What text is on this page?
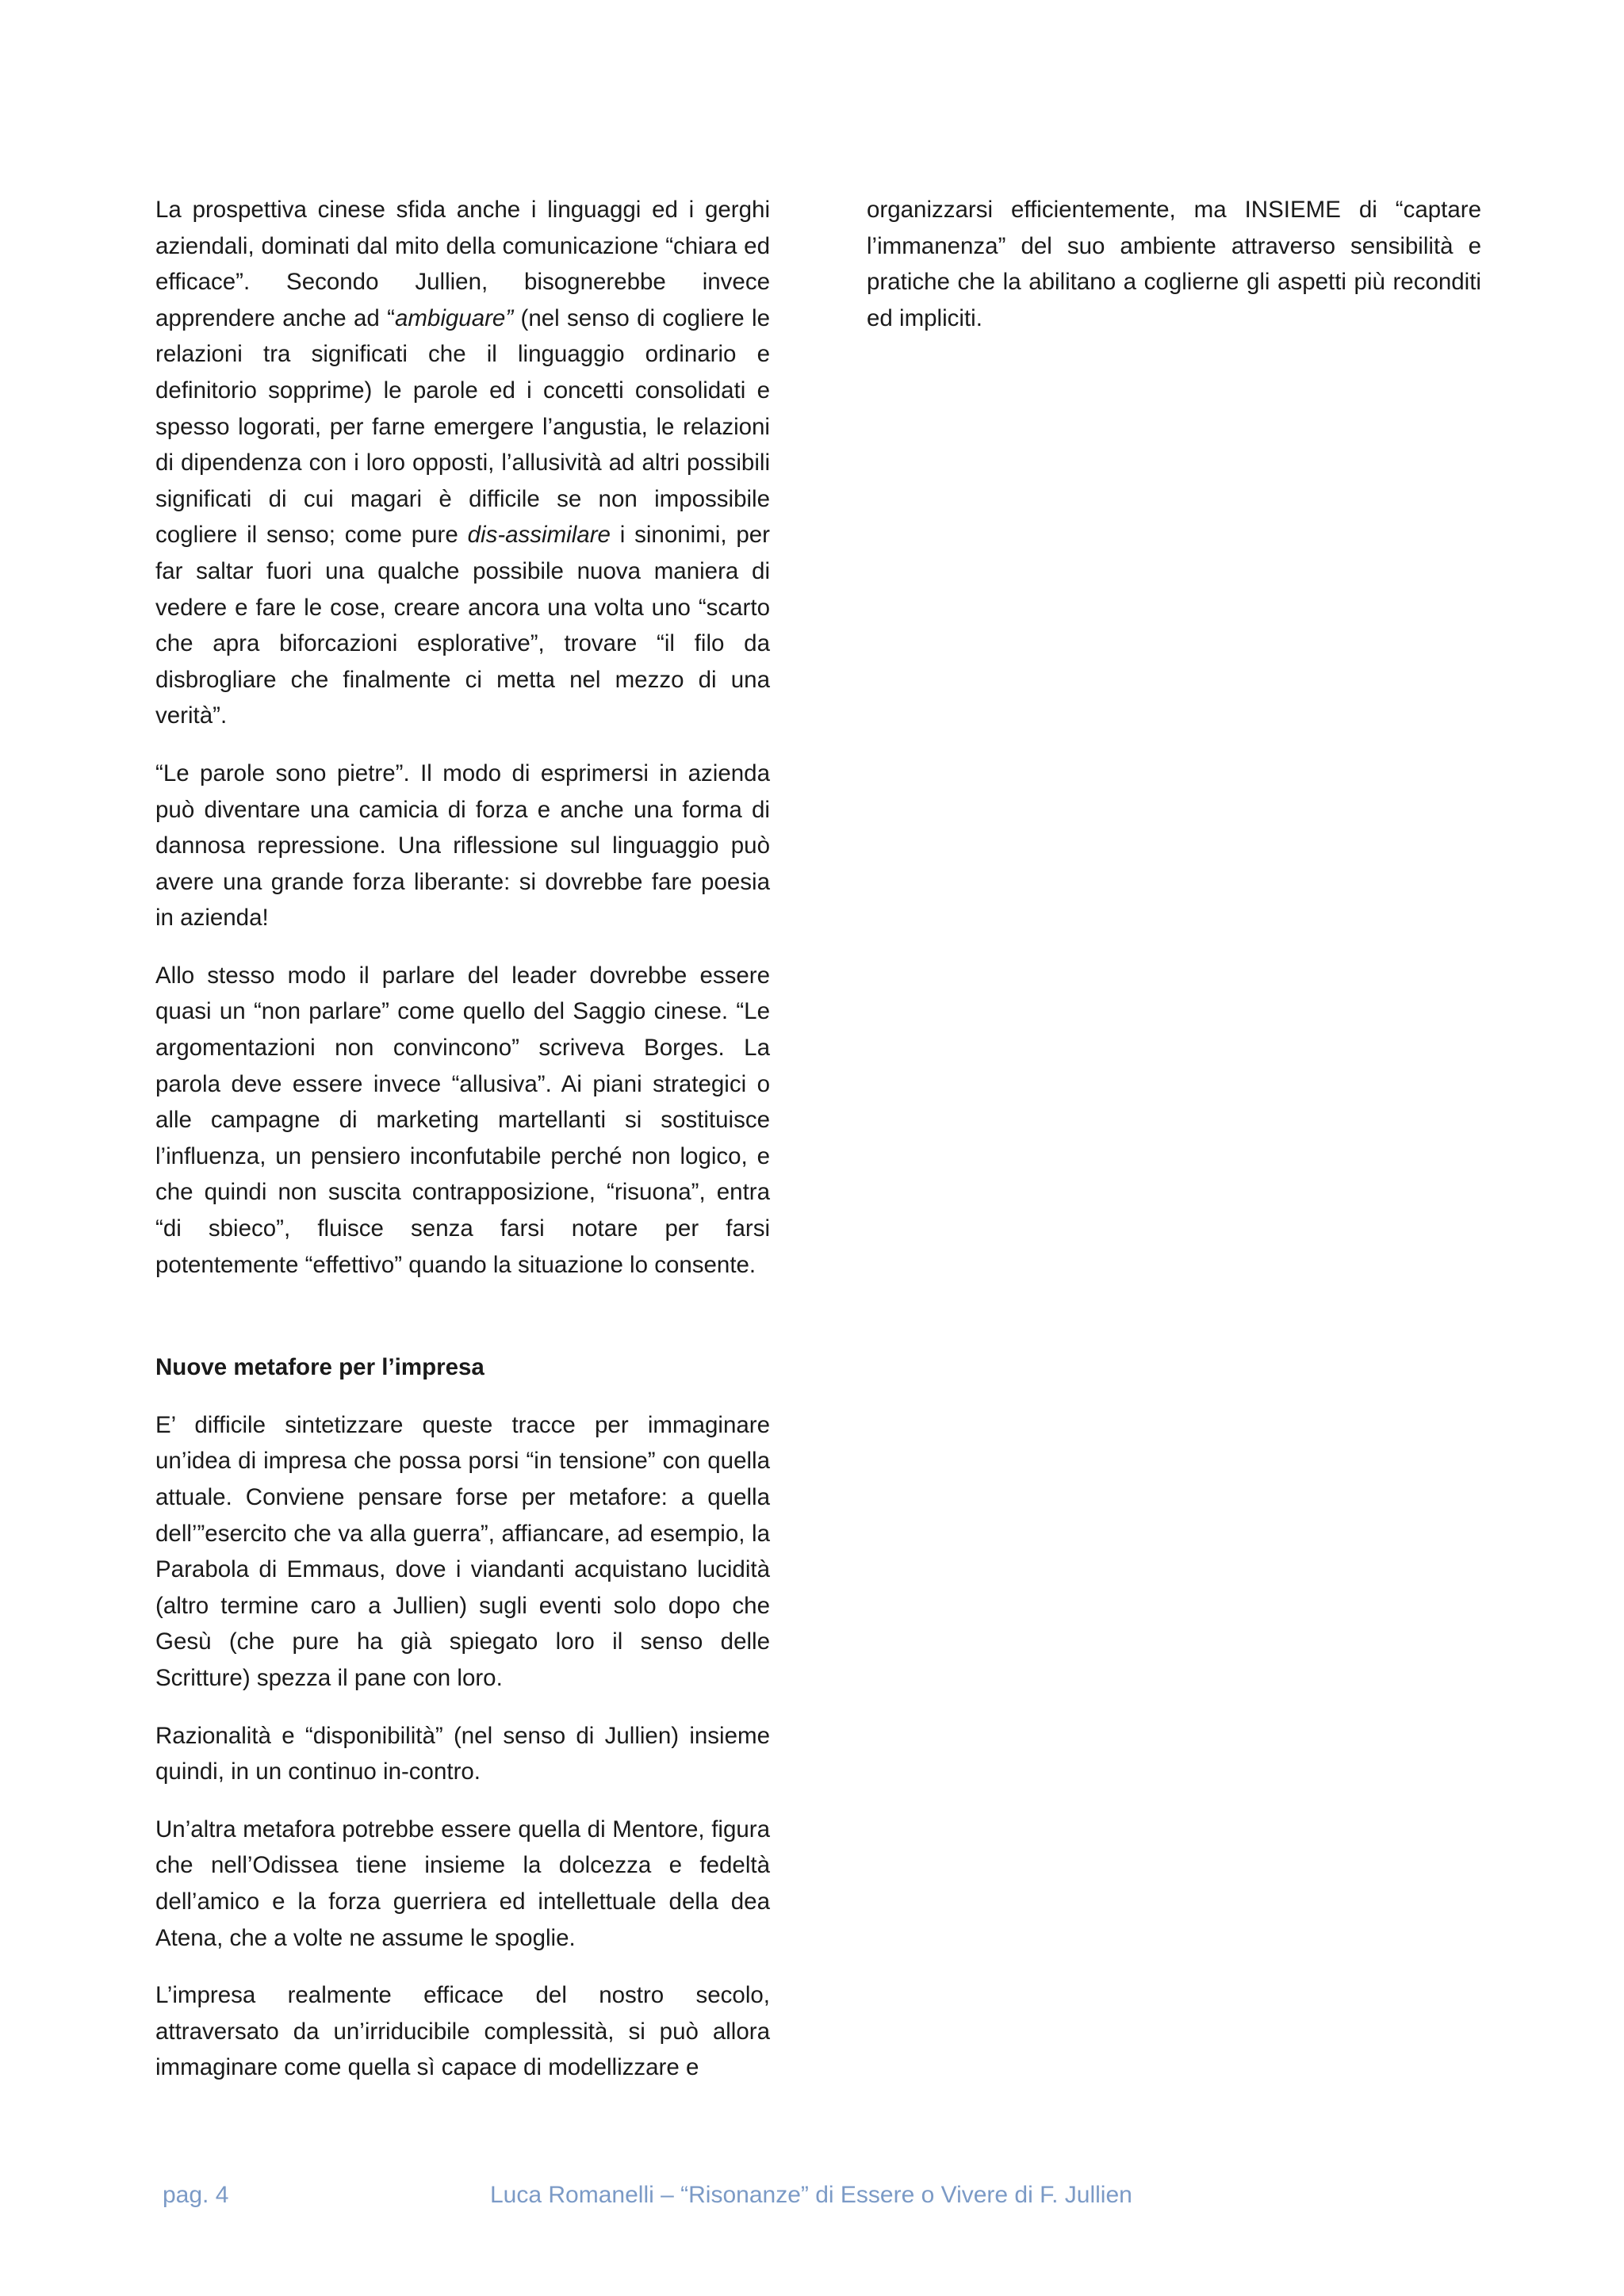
La prospettiva cinese sfida anche i linguaggi ed i gerghi aziendali, dominati dal mito della comunicazione “chiara ed efficace”. Secondo Jullien, bisognerebbe invece apprendere anche ad “ambiguare” (nel senso di cogliere le relazioni tra significati che il linguaggio ordinario e definitorio sopprime) le parole ed i concetti consolidati e spesso logorati, per farne emergere l’angustia, le relazioni di dipendenza con i loro opposti, l’allusività ad altri possibili significati di cui magari è difficile se non impossibile cogliere il senso; come pure dis-assimilare i sinonimi, per far saltar fuori una qualche possibile nuova maniera di vedere e fare le cose, creare ancora una volta uno “scarto che apra biforcazioni esplorative”, trovare “il filo da disbrogliare che finalmente ci metta nel mezzo di una verità”.

“Le parole sono pietre”. Il modo di esprimersi in azienda può diventare una camicia di forza e anche una forma di dannosa repressione. Una riflessione sul linguaggio può avere una grande forza liberante: si dovrebbe fare poesia in azienda!

Allo stesso modo il parlare del leader dovrebbe essere quasi un “non parlare” come quello del Saggio cinese. “Le argomentazioni non convincono” scriveva Borges. La parola deve essere invece “allusiva”. Ai piani strategici o alle campagne di marketing martellanti si sostituisce l’influenza, un pensiero inconfutabile perché non logico, e che quindi non suscita contrapposizione, “risuona”, entra “di sbieco”, fluisce senza farsi notare per farsi potentemente “effettivo” quando la situazione lo consente.

Nuove metafore per l’impresa

E’ difficile sintetizzare queste tracce per immaginare un’idea di impresa che possa porsi “in tensione” con quella attuale. Conviene pensare forse per metafore: a quella dell’”esercito che va alla guerra”, affiancare, ad esempio, la Parabola di Emmaus, dove i viandanti acquistano lucidità (altro termine caro a Jullien) sugli eventi solo dopo che Gesù (che pure ha già spiegato loro il senso delle Scritture) spezza il pane con loro.

Razionalità e “disponibilità” (nel senso di Jullien) insieme quindi, in un continuo in-contro.

Un’altra metafora potrebbe essere quella di Mentore, figura che nell’Odissea tiene insieme la dolcezza e fedeltà dell’amico e la forza guerriera ed intellettuale della dea Atena, che a volte ne assume le spoglie.

L’impresa realmente efficace del nostro secolo, attraversato da un’irriducibile complessità, si può allora immaginare come quella sì capace di modellizzare e

organizzarsi efficientemente, ma INSIEME di “captare l’immanenza” del suo ambiente attraverso sensibilità e pratiche che la abilitano a coglierne gli aspetti più reconditi ed impliciti.

pag. 4	Luca Romanelli – “Risonanze” di Essere o Vivere di F. Jullien
